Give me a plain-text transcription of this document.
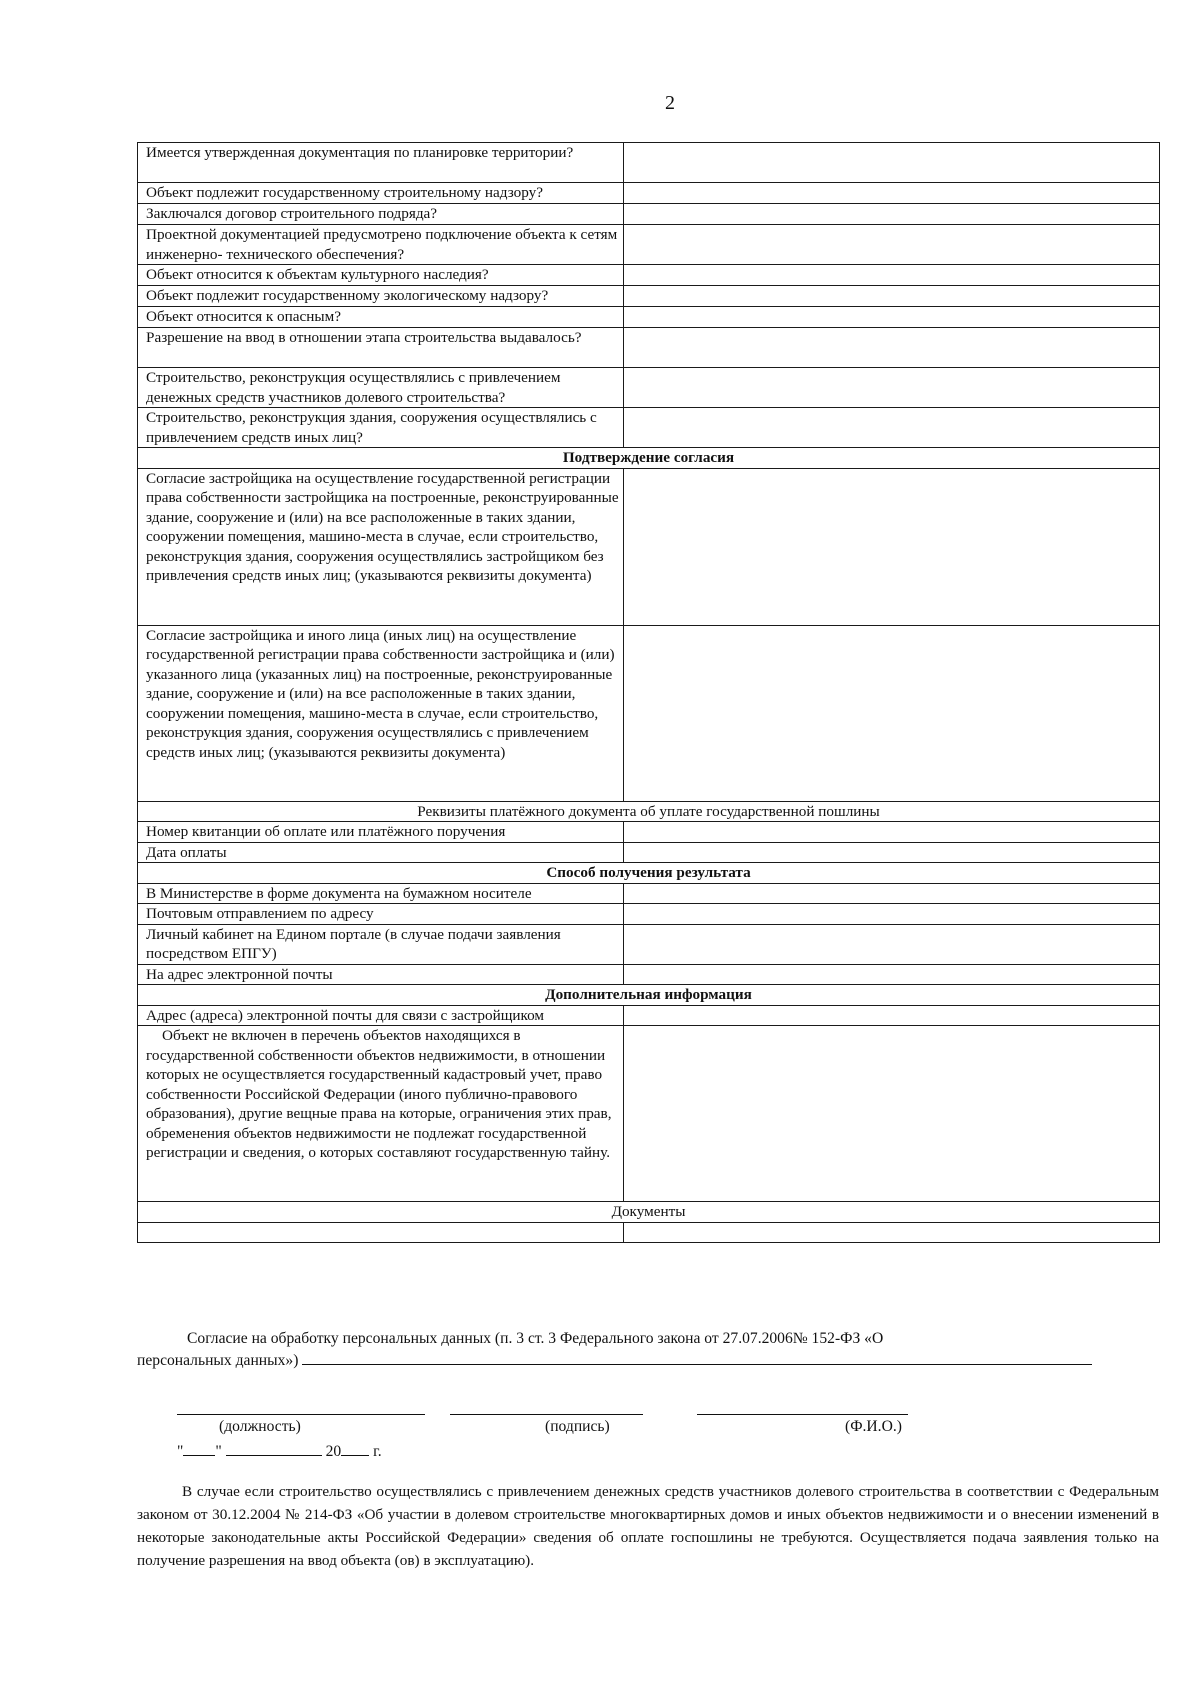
2
Имеется утвержденная документация по планировке территории?	
Объект подлежит государственному строительному надзору?	
Заключался договор строительного подряда?	
Проектной документацией предусмотрено подключение объекта к сетям инженерно- технического обеспечения?	
Объект относится к объектам культурного наследия?	
Объект подлежит государственному экологическому надзору?	
Объект относится к опасным?	
Разрешение на ввод в отношении этапа строительства выдавалось?	
Строительство, реконструкция осуществлялись с привлечением денежных средств участников долевого строительства?	
Строительство, реконструкция здания, сооружения осуществлялись с привлечением средств иных лиц?	
Подтверждение согласия	
Согласие застройщика на осуществление государственной регистрации права собственности застройщика на построенные, реконструированные здание, сооружение и (или) на все расположенные в таких здании, сооружении помещения, машино-места в случае, если строительство, реконструкция здания, сооружения осуществлялись застройщиком без привлечения средств иных лиц; (указываются реквизиты документа)	
Согласие застройщика и иного лица (иных лиц) на осуществление государственной регистрации права собственности застройщика и (или) указанного лица (указанных лиц) на построенные, реконструированные здание, сооружение и (или) на все расположенные в таких здании, сооружении помещения, машино-места в случае, если строительство, реконструкция здания, сооружения осуществлялись с привлечением средств иных лиц; (указываются реквизиты документа)	
Реквизиты платёжного документа об уплате государственной пошлины	
Номер квитанции об оплате или платёжного поручения	
Дата оплаты	
Способ получения результата	
В Министерстве в форме документа на бумажном носителе	
Почтовым отправлением по адресу	
Личный кабинет на Едином портале (в случае подачи заявления посредством ЕПГУ)	
На адрес электронной почты	
Дополнительная информация	
Адрес (адреса) электронной почты для связи с застройщиком	
Объект не включен в перечень объектов находящихся в государственной собственности объектов недвижимости, в отношении которых не осуществляется государственный кадастровый учет, право собственности Российской Федерации (иного публично-правового образования), другие вещные права на которые, ограничения этих прав, обременения объектов недвижимости не подлежат государственной регистрации и сведения, о которых составляют государственную тайну.	
Документы	

Согласие на обработку персональных данных (п. 3 ст. 3 Федерального закона от 27.07.2006№ 152-ФЗ «О
персональных данных»)
(должность)	(подпись)	(Ф.И.О.)
" "	20 г.
В случае если строительство осуществлялись с привлечением денежных средств участников долевого строительства в соответствии с Федеральным законом от 30.12.2004 № 214-ФЗ «Об участии в долевом строительстве многоквартирных домов и иных объектов недвижимости и о внесении изменений в некоторые законодательные акты Российской Федерации» сведения об оплате госпошлины не требуются. Осуществляется подача заявления только на получение разрешения на ввод объекта (ов) в эксплуатацию).
